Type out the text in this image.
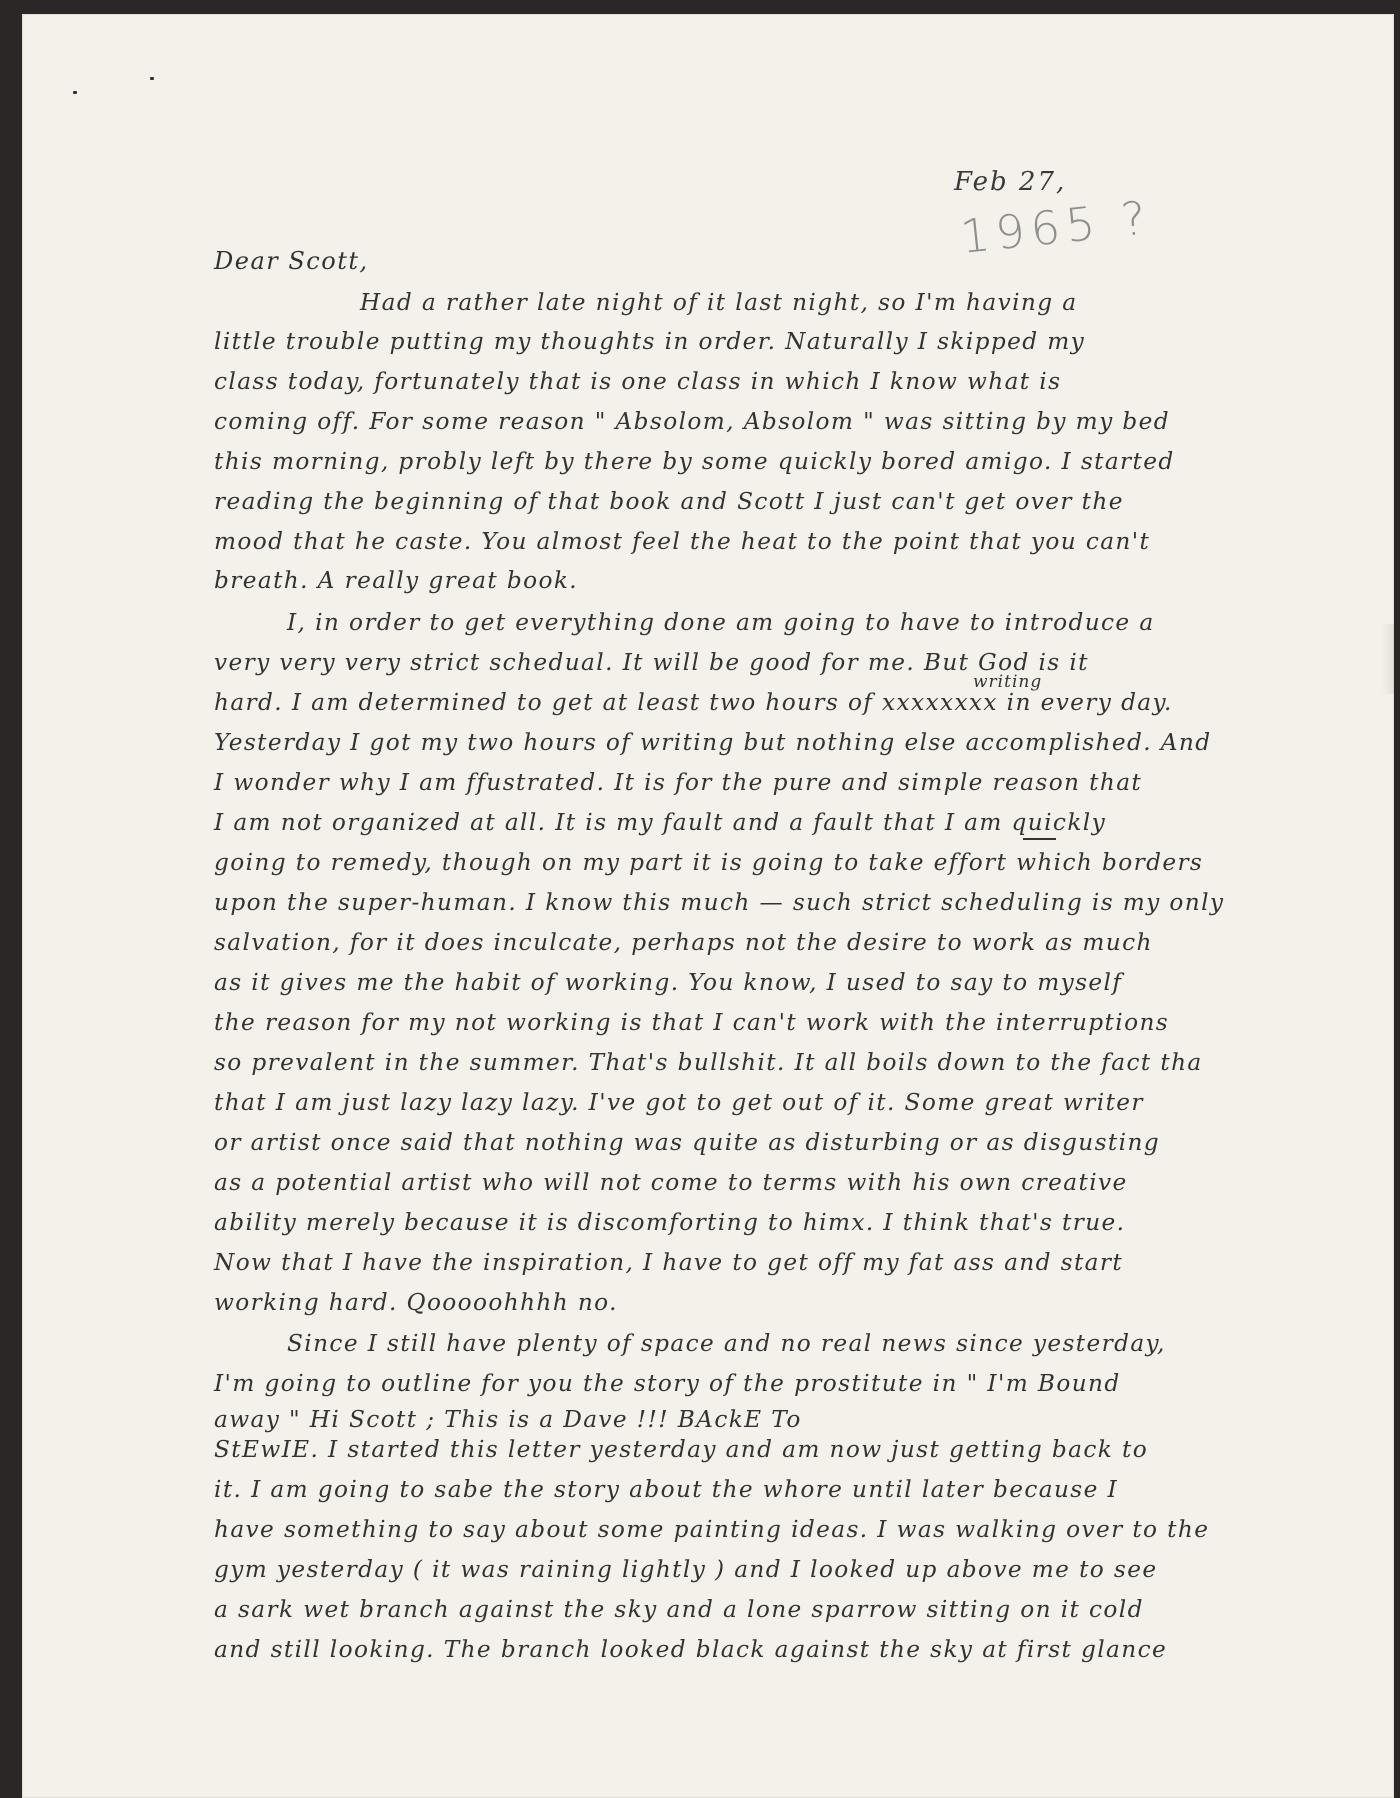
Feb 27,

1965 ?

Dear Scott,

writing

Had a rather late night of it last night, so I'm having a

little trouble putting my thoughts in order. Naturally I skipped my

class today, fortunately that is one class in which I know what is

coming off. For some reason " Absolom, Absolom " was sitting by my bed

this morning, probly left by there by some quickly bored amigo. I started

reading the beginning of that book and Scott I just can't get over the

mood that he caste. You almost feel the heat to the point that you can't

breath. A really great book.

I, in order to get everything done am going to have to introduce a

very very very strict schedual. It will be good for me. But God is it

hard. I am determined to get at least two hours of xxxxxxxx in every day.

Yesterday I got my two hours of writing but nothing else accomplished. And

I wonder why I am ffustrated. It is for the pure and simple reason that

I am not organized at all. It is my fault and a fault that I am quickly

going to remedy, though on my part it is going to take effort which borders

upon the super-human. I know this much — such strict scheduling is my only

salvation, for it does inculcate, perhaps not the desire to work as much

as it gives me the habit of working. You know, I used to say to myself

the reason for my not working is that I can't work with the interruptions

so prevalent in the summer. That's bullshit. It all boils down to the fact tha

that I am just lazy lazy lazy. I've got to get out of it. Some great writer

or artist once said that nothing was quite as disturbing or as disgusting

as a potential artist who will not come to terms with his own creative

ability merely because it is discomforting to himx. I think that's true.

Now that I have the inspiration, I have to get off my fat ass and start

working hard. Qooooohhhh no.

Since I still have plenty of space and no real news since yesterday,

I'm going to outline for you the story of the prostitute in " I'm Bound

away " Hi Scott ; This is a Dave !!! BAckE To

StEwIE. I started this letter yesterday and am now just getting back to

it. I am going to sabe the story about the whore until later because I

have something to say about some painting ideas. I was walking over to the

gym yesterday ( it was raining lightly ) and I looked up above me to see

a sark wet branch against the sky and a lone sparrow sitting on it cold

and still looking. The branch looked black against the sky at first glance
